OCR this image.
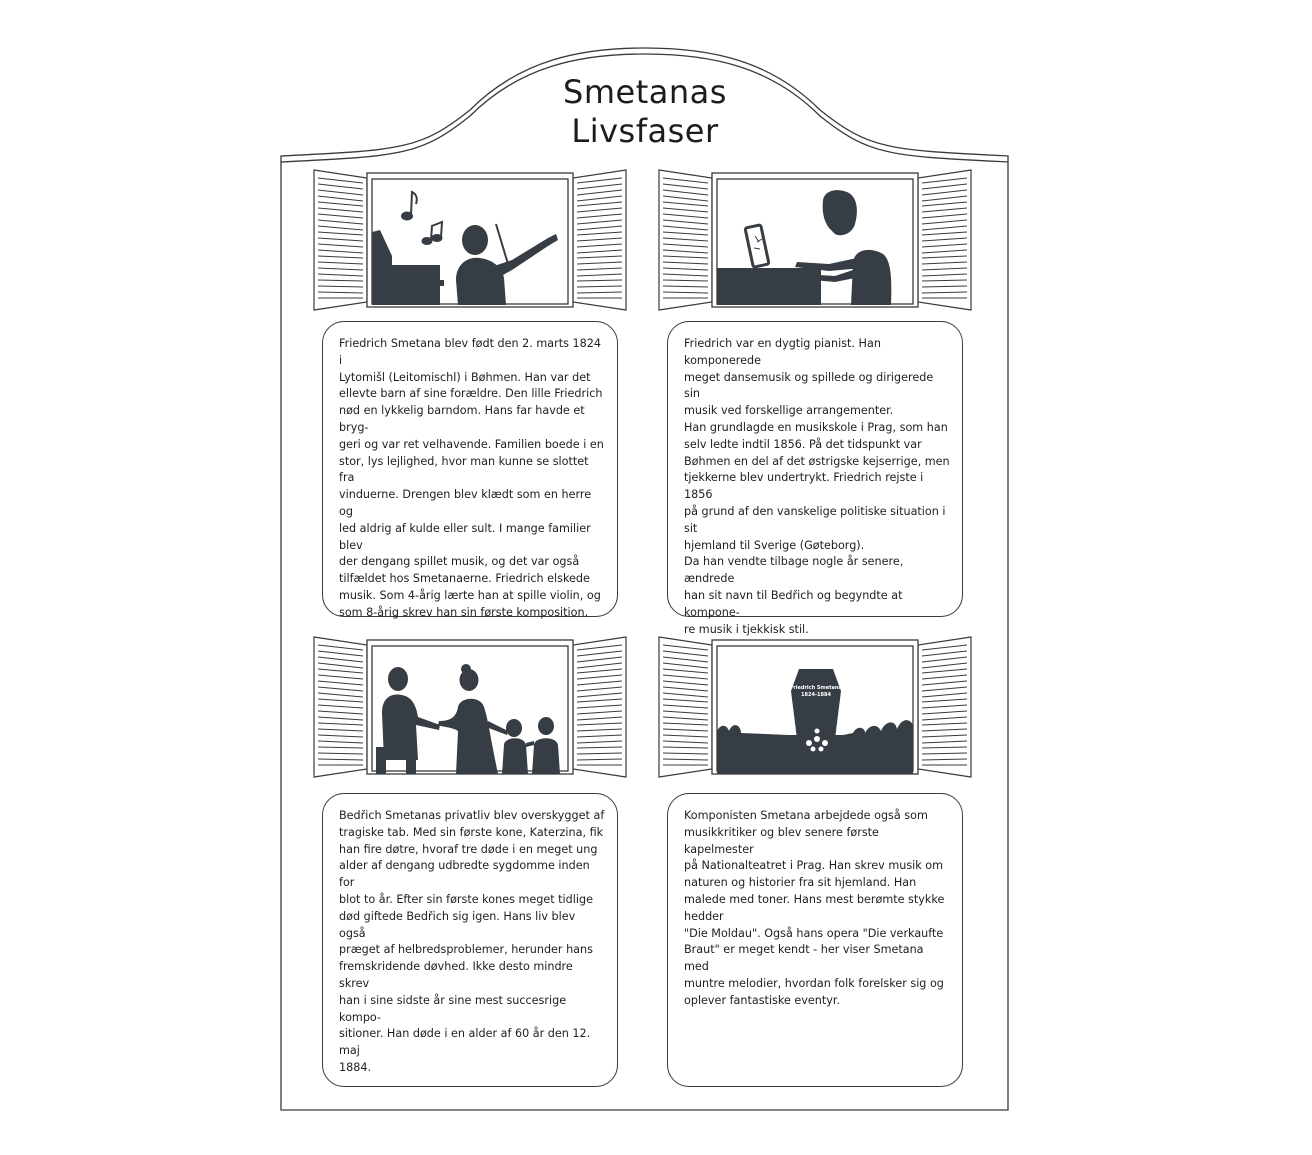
Smetanas
Livsfaser
Friedrich Smetana
1824-1884

Friedrich Smetana blev født den 2. marts 1824 i
Lytomišl (Leitomischl) i Bøhmen. Han var det
ellevte barn af sine forældre. Den lille Friedrich
nød en lykkelig barndom. Hans far havde et bryg-
geri og var ret velhavende. Familien boede i en
stor, lys lejlighed, hvor man kunne se slottet fra
vinduerne. Drengen blev klædt som en herre og
led aldrig af kulde eller sult. I mange familier blev
der dengang spillet musik, og det var også
tilfældet hos Smetanaerne. Friedrich elskede
musik. Som 4-årig lærte han at spille violin, og
som 8-årig skrev han sin første komposition.

Friedrich var en dygtig pianist. Han komponerede
meget dansemusik og spillede og dirigerede sin
musik ved forskellige arrangementer.
Han grundlagde en musikskole i Prag, som han
selv ledte indtil 1856. På det tidspunkt var
Bøhmen en del af det østrigske kejserrige, men
tjekkerne blev undertrykt. Friedrich rejste i 1856
på grund af den vanskelige politiske situation i sit
hjemland til Sverige (Gøteborg).
Da han vendte tilbage nogle år senere, ændrede
han sit navn til Bedřich og begyndte at kompone-
re musik i tjekkisk stil.

Bedřich Smetanas privatliv blev overskygget af
tragiske tab. Med sin første kone, Katerzina, fik
han fire døtre, hvoraf tre døde i en meget ung
alder af dengang udbredte sygdomme inden for
blot to år. Efter sin første kones meget tidlige
død giftede Bedřich sig igen. Hans liv blev også
præget af helbredsproblemer, herunder hans
fremskridende døvhed. Ikke desto mindre skrev
han i sine sidste år sine mest succesrige kompo-
sitioner. Han døde i en alder af 60 år den 12. maj
1884.

Komponisten Smetana arbejdede også som
musikkritiker og blev senere første kapelmester
på Nationalteatret i Prag. Han skrev musik om
naturen og historier fra sit hjemland. Han
malede med toner. Hans mest berømte stykke
hedder
"Die Moldau". Også hans opera "Die verkaufte
Braut" er meget kendt - her viser Smetana med
muntre melodier, hvordan folk forelsker sig og
oplever fantastiske eventyr.
